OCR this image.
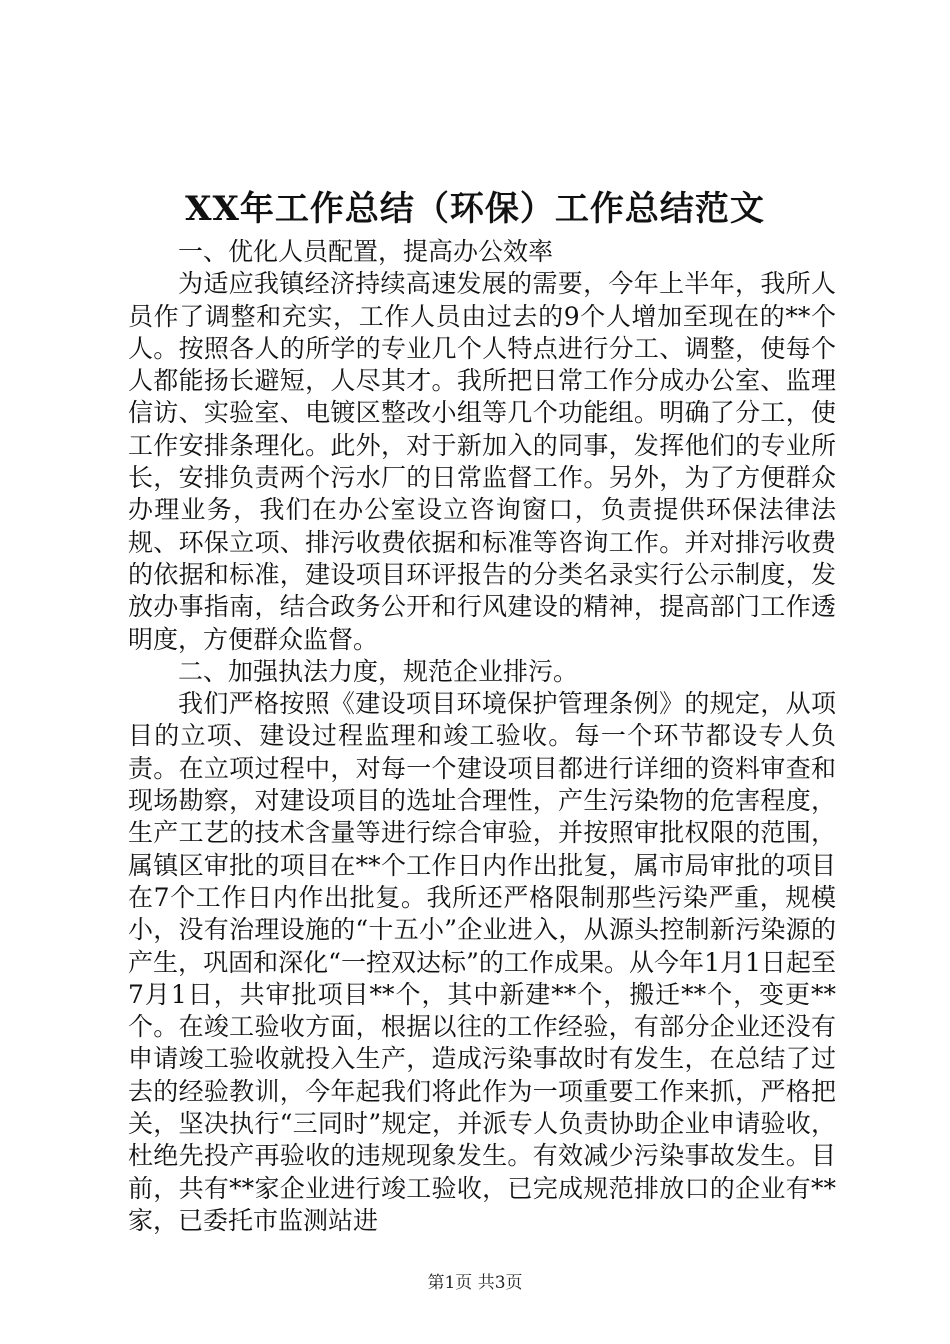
XX年工作总结（环保）工作总结范文

一、优化人员配置，提高办公效率

为适应我镇经济持续高速发展的需要，今年上半年，我所人员作了调整和充实，工作人员由过去的9个人增加至现在的**个人。按照各人的所学的专业几个人特点进行分工、调整，使每个人都能扬长避短，人尽其才。我所把日常工作分成办公室、监理信访、实验室、电镀区整改小组等几个功能组。明确了分工，使工作安排条理化。此外，对于新加入的同事，发挥他们的专业所长，安排负责两个污水厂的日常监督工作。另外，为了方便群众办理业务，我们在办公室设立咨询窗口，负责提供环保法律法规、环保立项、排污收费依据和标准等咨询工作。并对排污收费的依据和标准，建设项目环评报告的分类名录实行公示制度，发放办事指南，结合政务公开和行风建设的精神，提高部门工作透明度，方便群众监督。

二、加强执法力度，规范企业排污。

我们严格按照《建设项目环境保护管理条例》的规定，从项目的立项、建设过程监理和竣工验收。每一个环节都设专人负责。在立项过程中，对每一个建设项目都进行详细的资料审查和现场勘察，对建设项目的选址合理性，产生污染物的危害程度，生产工艺的技术含量等进行综合审验，并按照审批权限的范围，属镇区审批的项目在**个工作日内作出批复，属市局审批的项目在7个工作日内作出批复。我所还严格限制那些污染严重，规模小，没有治理设施的“十五小”企业进入，从源头控制新污染源的产生，巩固和深化“一控双达标”的工作成果。从今年1月1日起至7月1日，共审批项目**个，其中新建**个，搬迁**个，变更**个。在竣工验收方面，根据以往的工作经验，有部分企业还没有申请竣工验收就投入生产，造成污染事故时有发生，在总结了过去的经验教训，今年起我们将此作为一项重要工作来抓，严格把关，坚决执行“三同时”规定，并派专人负责协助企业申请验收，杜绝先投产再验收的违规现象发生。有效减少污染事故发生。目前，共有**家企业进行竣工验收，已完成规范排放口的企业有**家，已委托市监测站进

第1页 共3页
